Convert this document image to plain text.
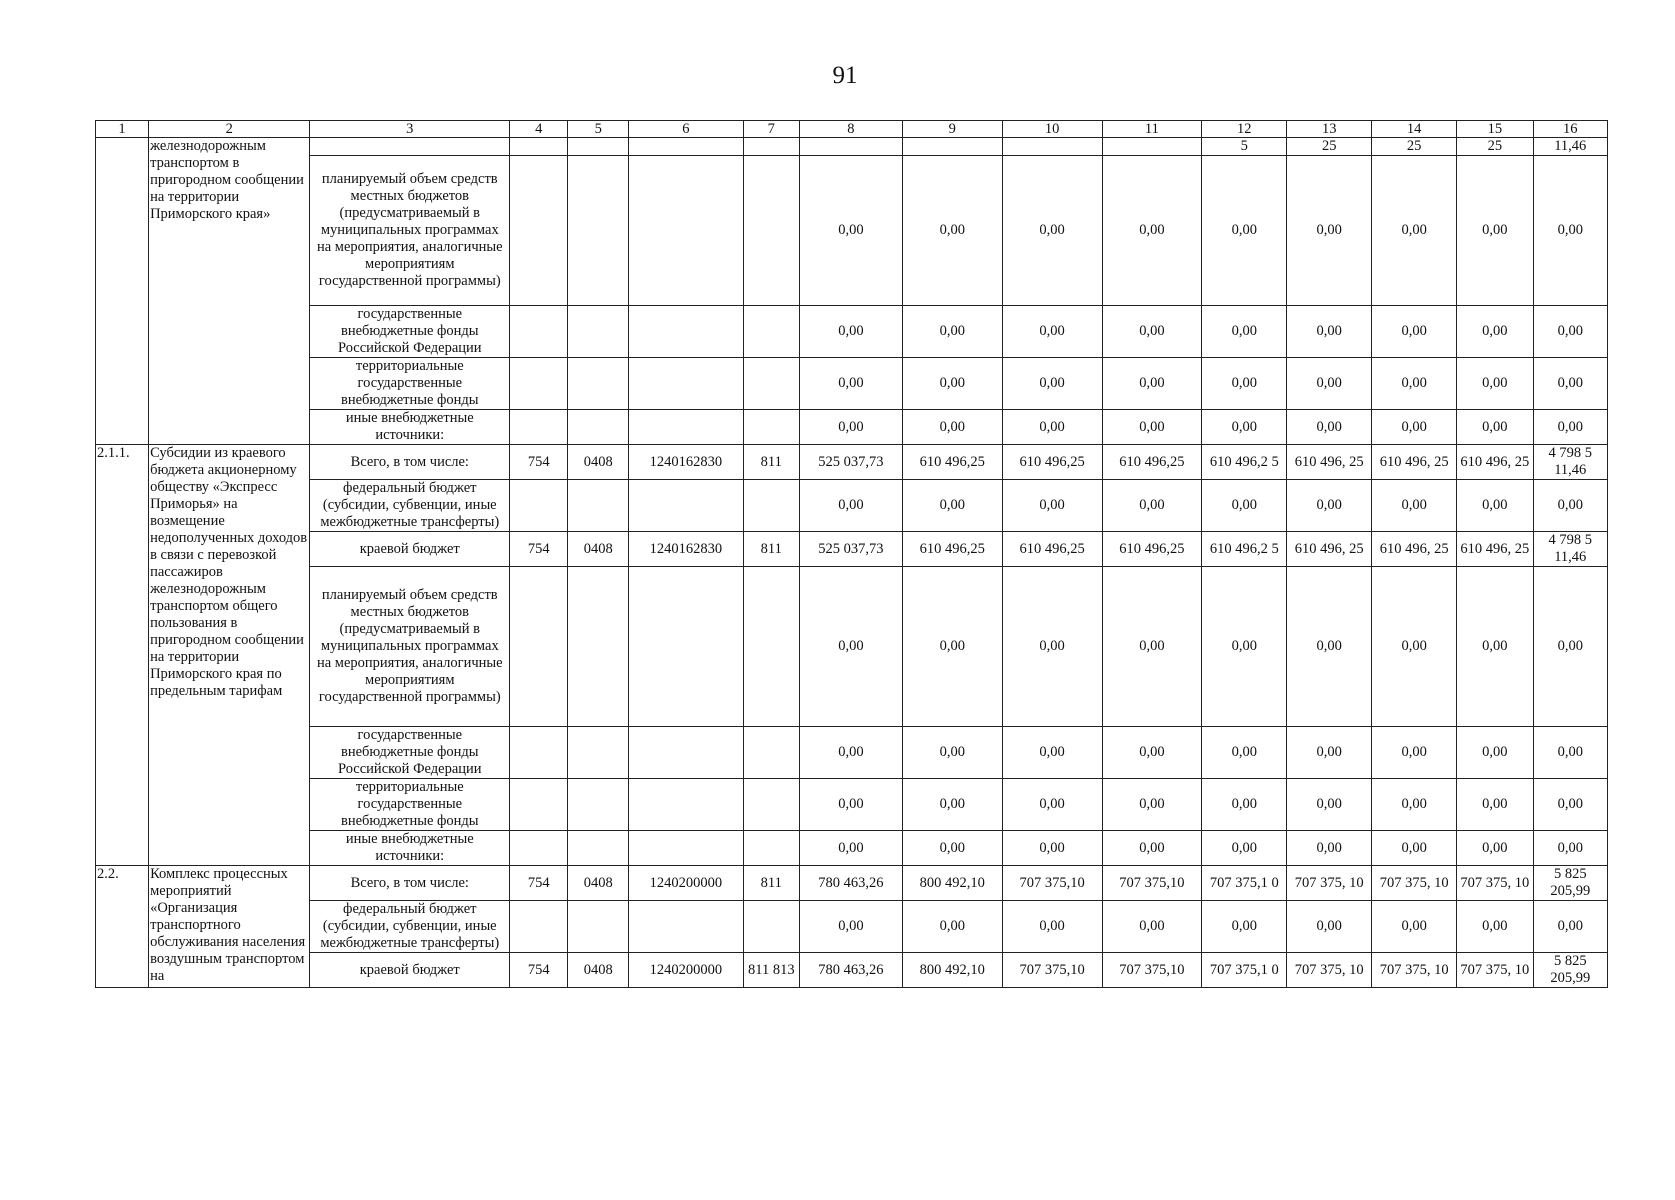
91
1	2	3	4	5	6	7	8	9	10	11	12	13	14	15	16
	железнодорожным транспортом в пригородном сообщении на территории Приморского края»										5	25	25	25	11,46
		планируемый объем средств местных бюджетов (предусматриваемый в муниципальных программах на мероприятия, аналогичные мероприятиям государственной программы)					0,00	0,00	0,00	0,00	0,00	0,00	0,00	0,00	0,00
		государственные внебюджетные фонды Российской Федерации					0,00	0,00	0,00	0,00	0,00	0,00	0,00	0,00	0,00
		территориальные государственные внебюджетные фонды					0,00	0,00	0,00	0,00	0,00	0,00	0,00	0,00	0,00
		иные внебюджетные источники:					0,00	0,00	0,00	0,00	0,00	0,00	0,00	0,00	0,00
2.1.1.	Субсидии из краевого бюджета акционерному обществу «Экспресс Приморья» на возмещение недополученных доходов в связи с перевозкой пассажиров железнодорожным транспортом общего пользования в пригородном сообщении на территории Приморского края по предельным тарифам	Всего, в том числе:	754	0408	1240162830	811	525 037,73	610 496,25	610 496,25	610 496,25	610 496,2 5	610 496, 25	610 496, 25	610 496, 25	4 798 5 11,46
		федеральный бюджет (субсидии, субвенции, иные межбюджетные трансферты)					0,00	0,00	0,00	0,00	0,00	0,00	0,00	0,00	0,00
		краевой бюджет	754	0408	1240162830	811	525 037,73	610 496,25	610 496,25	610 496,25	610 496,2 5	610 496, 25	610 496, 25	610 496, 25	4 798 5 11,46
		планируемый объем средств местных бюджетов (предусматриваемый в муниципальных программах на мероприятия, аналогичные мероприятиям государственной программы)					0,00	0,00	0,00	0,00	0,00	0,00	0,00	0,00	0,00
		государственные внебюджетные фонды Российской Федерации					0,00	0,00	0,00	0,00	0,00	0,00	0,00	0,00	0,00
		территориальные государственные внебюджетные фонды					0,00	0,00	0,00	0,00	0,00	0,00	0,00	0,00	0,00
		иные внебюджетные источники:					0,00	0,00	0,00	0,00	0,00	0,00	0,00	0,00	0,00
2.2.	Комплекс процессных мероприятий «Организация транспортного обслуживания населения воздушным транспортом на	Всего, в том числе:	754	0408	1240200000	811	780 463,26	800 492,10	707 375,10	707 375,10	707 375,1 0	707 375, 10	707 375, 10	707 375, 10	5 825 205,99
		федеральный бюджет (субсидии, субвенции, иные межбюджетные трансферты)					0,00	0,00	0,00	0,00	0,00	0,00	0,00	0,00	0,00
		краевой бюджет	754	0408	1240200000	811 813	780 463,26	800 492,10	707 375,10	707 375,10	707 375,1 0	707 375, 10	707 375, 10	707 375, 10	5 825 205,99
